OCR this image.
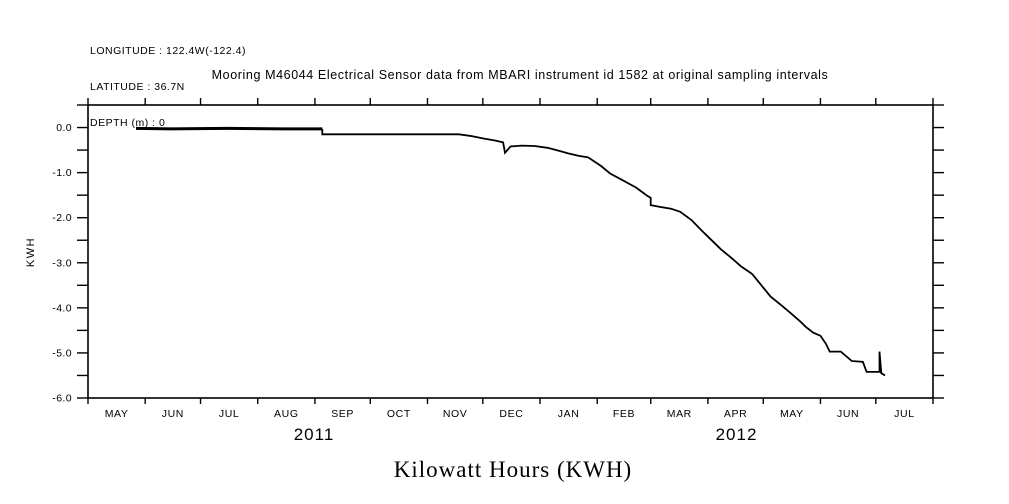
LONGITUDE : 122.4W(-122.4)

LATITUDE : 36.7N

DEPTH (m) : 0

Mooring M46044 Electrical Sensor data from MBARI instrument id 1582 at original sampling intervals
MAY	JUN	JUL	AUG	SEP	OCT	NOV	DEC	JAN	FEB	MAR	APR	MAY	JUN	JUL
2011	2012
0.0
-1.0
-2.0
-3.0
-4.0
-5.0
-6.0
KWH
Kilowatt Hours (KWH)
